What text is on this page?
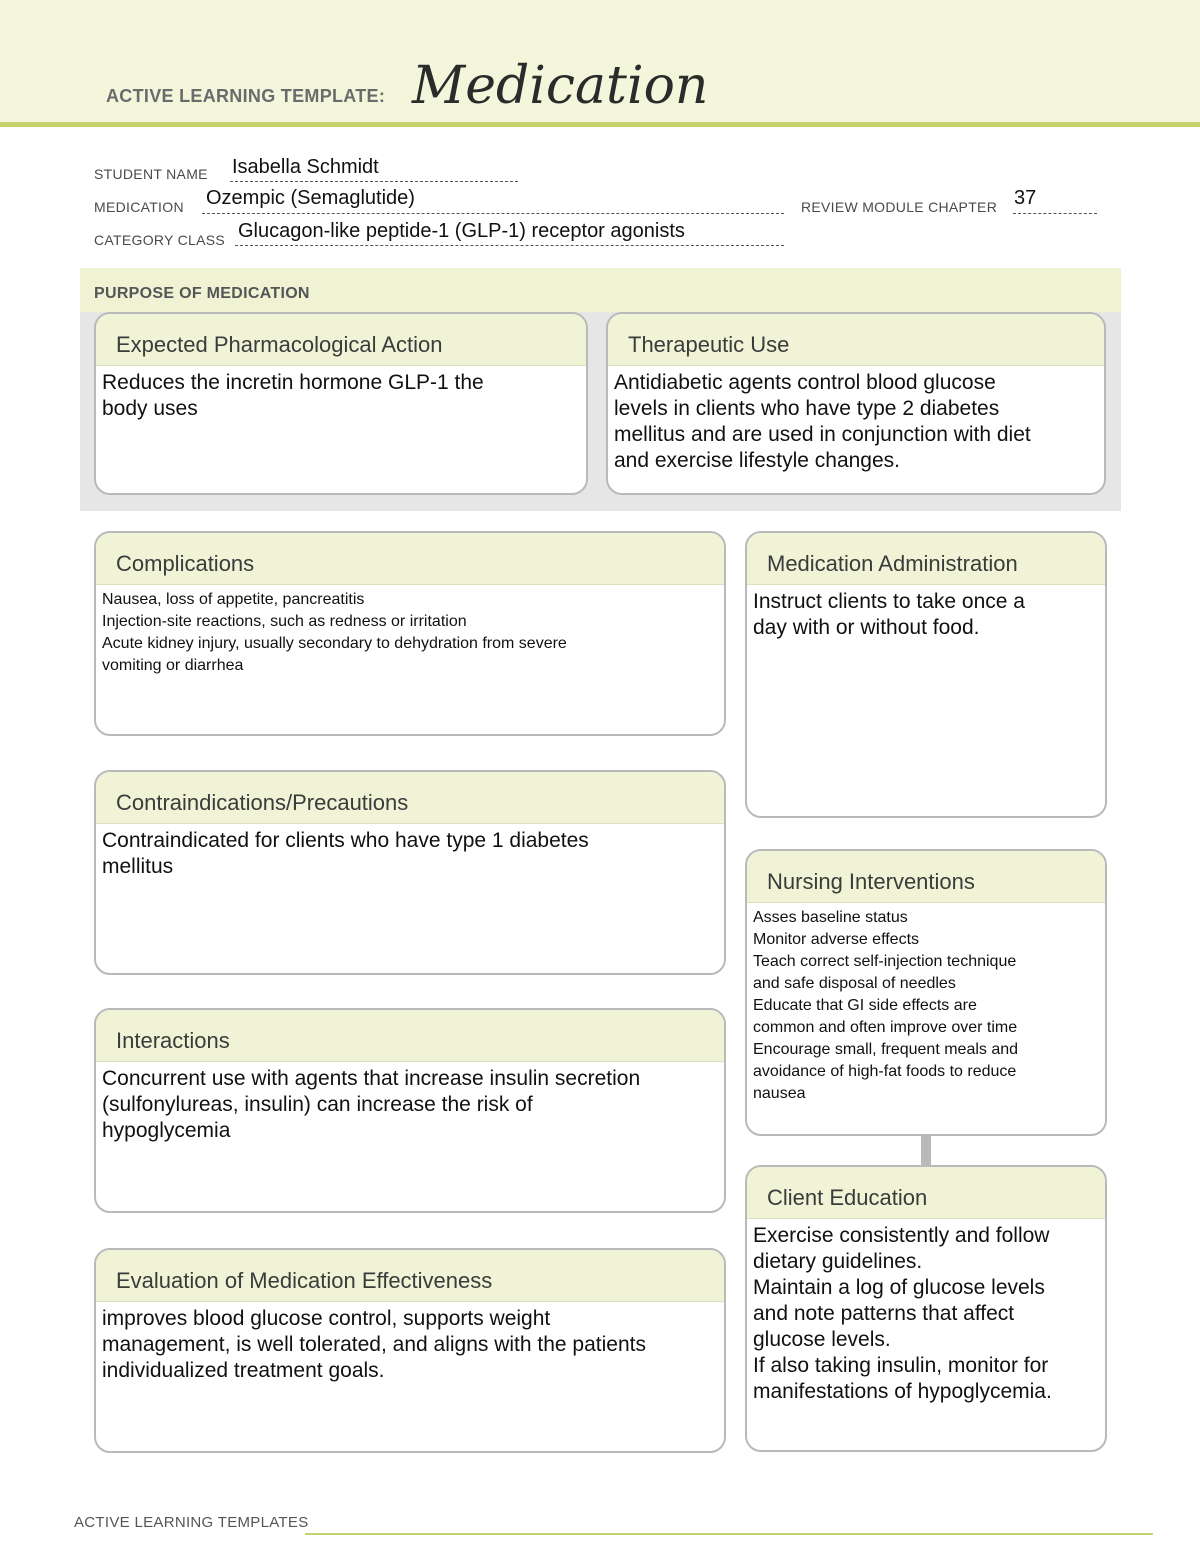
ACTIVE LEARNING TEMPLATE: Medication
STUDENT NAME Isabella Schmidt
MEDICATION Ozempic (Semaglutide)	REVIEW MODULE CHAPTER 37
CATEGORY CLASS Glucagon-like peptide-1 (GLP-1) receptor agonists
PURPOSE OF MEDICATION
Expected Pharmacological Action
Reduces the incretin hormone GLP-1 the
body uses
Therapeutic Use
Antidiabetic agents control blood glucose
levels in clients who have type 2 diabetes
mellitus and are used in conjunction with diet
and exercise lifestyle changes.
Complications
Nausea, loss of appetite, pancreatitis
Injection-site reactions, such as redness or irritation
Acute kidney injury, usually secondary to dehydration from severe
vomiting or diarrhea
Medication Administration
Instruct clients to take once a
day with or without food.
Contraindications/Precautions
Contraindicated for clients who have type 1 diabetes
mellitus
Nursing Interventions
Asses baseline status
Monitor adverse effects
Teach correct self-injection technique
and safe disposal of needles
Educate that GI side effects are
common and often improve over time
Encourage small, frequent meals and
avoidance of high-fat foods to reduce
nausea
Interactions
Concurrent use with agents that increase insulin secretion
(sulfonylureas, insulin) can increase the risk of
hypoglycemia
Client Education
Exercise consistently and follow
dietary guidelines.
Maintain a log of glucose levels
and note patterns that affect
glucose levels.
If also taking insulin, monitor for
manifestations of hypoglycemia.
Evaluation of Medication Effectiveness
improves blood glucose control, supports weight
management, is well tolerated, and aligns with the patients
individualized treatment goals.
ACTIVE LEARNING TEMPLATES
